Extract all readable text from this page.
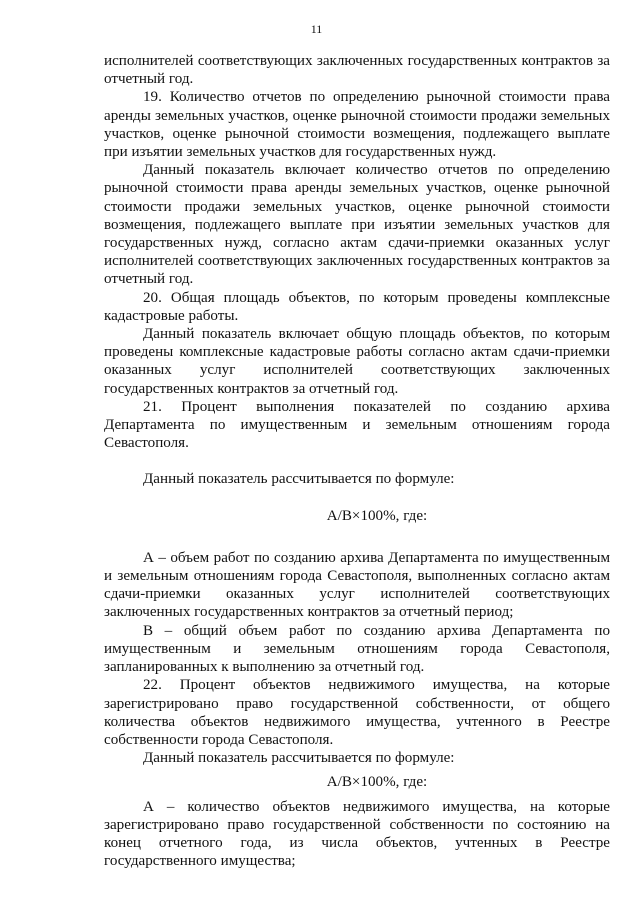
11

исполнителей соответствующих заключенных государственных контрактов за отчетный год.

19. Количество отчетов по определению рыночной стоимости права аренды земельных участков, оценке рыночной стоимости продажи земельных участков, оценке рыночной стоимости возмещения, подлежащего выплате при изъятии земельных участков для государственных нужд.

Данный показатель включает количество отчетов по определению рыночной стоимости права аренды земельных участков, оценке рыночной стоимости продажи земельных участков, оценке рыночной стоимости возмещения, подлежащего выплате при изъятии земельных участков для государственных нужд, согласно актам сдачи-приемки оказанных услуг исполнителей соответствующих заключенных государственных контрактов за отчетный год.

20. Общая площадь объектов, по которым проведены комплексные кадастровые работы.

Данный показатель включает общую площадь объектов, по которым проведены комплексные кадастровые работы согласно актам сдачи-приемки оказанных услуг исполнителей соответствующих заключенных государственных контрактов за отчетный год.

21. Процент выполнения показателей по созданию архива Департамента по имущественным и земельным отношениям города Севастополя.

Данный показатель рассчитывается по формуле:

А/В×100%, где:

А – объем работ по созданию архива Департамента по имущественным и земельным отношениям города Севастополя, выполненных согласно актам сдачи-приемки оказанных услуг исполнителей соответствующих заключенных государственных контрактов за отчетный период;

В – общий объем работ по созданию архива Департамента по имущественным и земельным отношениям города Севастополя, запланированных к выполнению за отчетный год.

22. Процент объектов недвижимого имущества, на которые зарегистрировано право государственной собственности, от общего количества объектов недвижимого имущества, учтенного в Реестре собственности города Севастополя.

Данный показатель рассчитывается по формуле:

А/В×100%, где:

А – количество объектов недвижимого имущества, на которые зарегистрировано право государственной собственности по состоянию на конец отчетного года, из числа объектов, учтенных в Реестре государственного имущества;
